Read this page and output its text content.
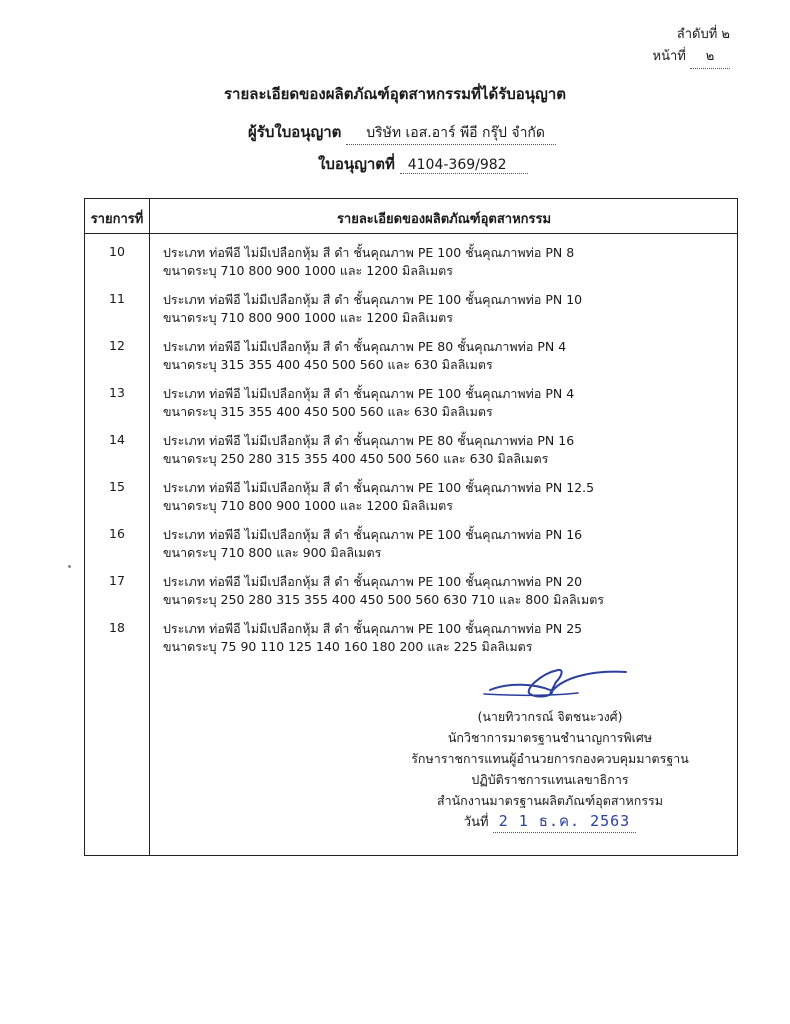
ลำดับที่ ๒
หน้าที่ ๒
รายละเอียดของผลิตภัณฑ์อุตสาหกรรมที่ได้รับอนุญาต
ผู้รับใบอนุญาต บริษัท เอส.อาร์ พีอี กรุ๊ป จำกัด
ใบอนุญาตที่ 4104-369/982
รายการที่	รายละเอียดของผลิตภัณฑ์อุตสาหกรรม
10	ประเภท ท่อพีอี ไม่มีเปลือกหุ้ม สี ดำ ชั้นคุณภาพ PE 100 ชั้นคุณภาพท่อ PN 8
ขนาดระบุ 710 800 900 1000 และ 1200 มิลลิเมตร
11	ประเภท ท่อพีอี ไม่มีเปลือกหุ้ม สี ดำ ชั้นคุณภาพ PE 100 ชั้นคุณภาพท่อ PN 10
ขนาดระบุ 710 800 900 1000 และ 1200 มิลลิเมตร
12	ประเภท ท่อพีอี ไม่มีเปลือกหุ้ม สี ดำ ชั้นคุณภาพ PE 80 ชั้นคุณภาพท่อ PN 4
ขนาดระบุ 315 355 400 450 500 560 และ 630 มิลลิเมตร
13	ประเภท ท่อพีอี ไม่มีเปลือกหุ้ม สี ดำ ชั้นคุณภาพ PE 100 ชั้นคุณภาพท่อ PN 4
ขนาดระบุ 315 355 400 450 500 560 และ 630 มิลลิเมตร
14	ประเภท ท่อพีอี ไม่มีเปลือกหุ้ม สี ดำ ชั้นคุณภาพ PE 80 ชั้นคุณภาพท่อ PN 16
ขนาดระบุ 250 280 315 355 400 450 500 560 และ 630 มิลลิเมตร
15	ประเภท ท่อพีอี ไม่มีเปลือกหุ้ม สี ดำ ชั้นคุณภาพ PE 100 ชั้นคุณภาพท่อ PN 12.5
ขนาดระบุ 710 800 900 1000 และ 1200 มิลลิเมตร
16	ประเภท ท่อพีอี ไม่มีเปลือกหุ้ม สี ดำ ชั้นคุณภาพ PE 100 ชั้นคุณภาพท่อ PN 16
ขนาดระบุ 710 800 และ 900 มิลลิเมตร
17	ประเภท ท่อพีอี ไม่มีเปลือกหุ้ม สี ดำ ชั้นคุณภาพ PE 100 ชั้นคุณภาพท่อ PN 20
ขนาดระบุ 250 280 315 355 400 450 500 560 630 710 และ 800 มิลลิเมตร
18	ประเภท ท่อพีอี ไม่มีเปลือกหุ้ม สี ดำ ชั้นคุณภาพ PE 100 ชั้นคุณภาพท่อ PN 25
ขนาดระบุ 75 90 110 125 140 160 180 200 และ 225 มิลลิเมตร
(นายทิวากรณ์ จิตชนะวงศ์)
นักวิชาการมาตรฐานชำนาญการพิเศษ
รักษาราชการแทนผู้อำนวยการกองควบคุมมาตรฐาน
ปฏิบัติราชการแทนเลขาธิการ
สำนักงานมาตรฐานผลิตภัณฑ์อุตสาหกรรม
วันที่ 2 1 ธ.ค. 2563
